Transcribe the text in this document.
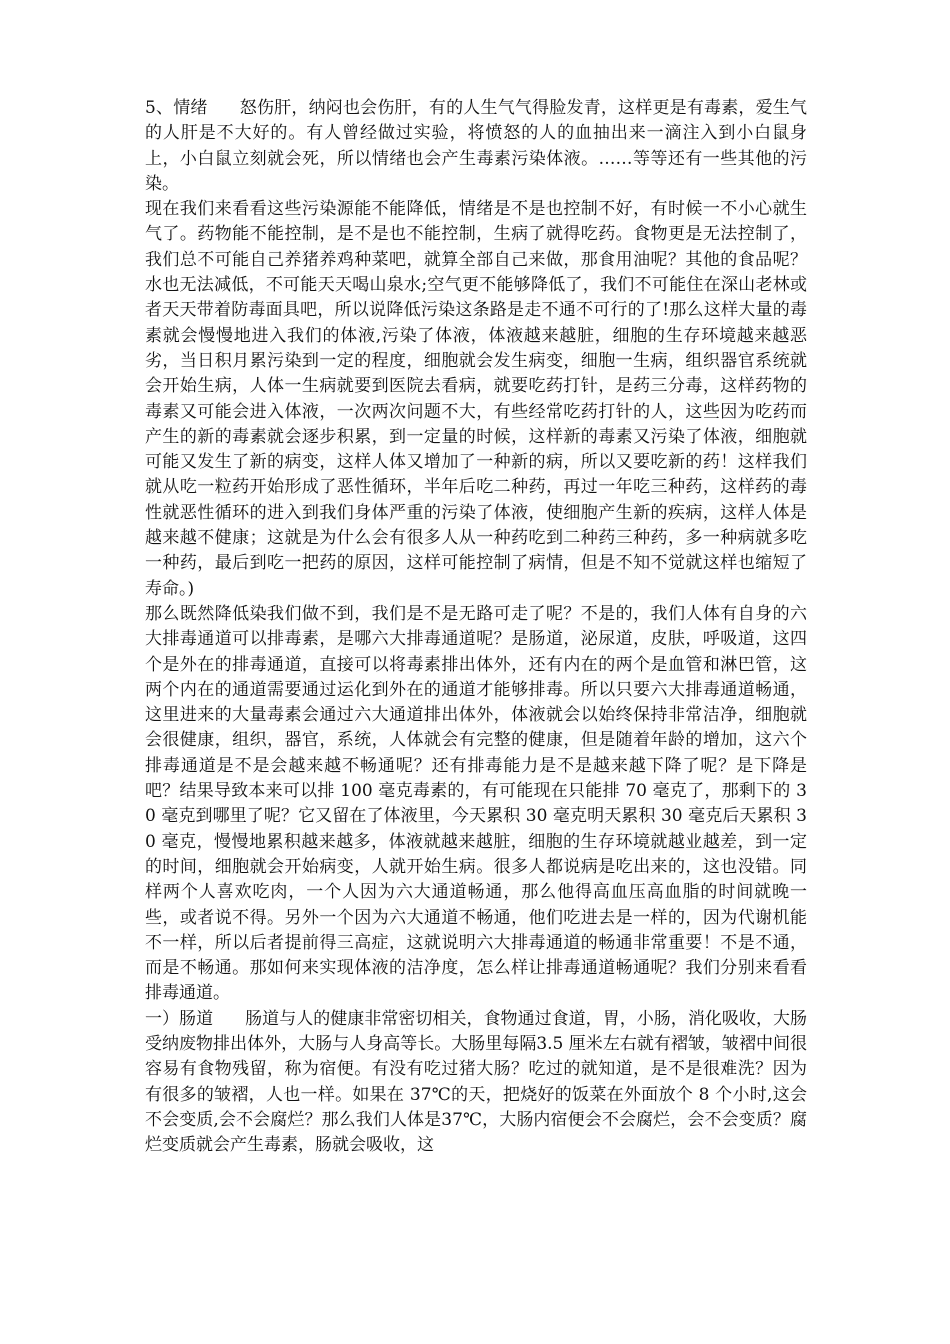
5、情绪 怒伤肝，纳闷也会伤肝，有的人生气气得脸发青，这样更是有毒素，爱生气的人肝是不大好的。有人曾经做过实验，将愤怒的人的血抽出来一滴注入到小白鼠身上，小白鼠立刻就会死，所以情绪也会产生毒素污染体液。……等等还有一些其他的污染。

现在我们来看看这些污染源能不能降低，情绪是不是也控制不好，有时候一不小心就生气了。药物能不能控制，是不是也不能控制，生病了就得吃药。食物更是无法控制了，我们总不可能自己养猪养鸡种菜吧，就算全部自己来做，那食用油呢？其他的食品呢？水也无法减低，不可能天天喝山泉水;空气更不能够降低了，我们不可能住在深山老林或者天天带着防毒面具吧，所以说降低污染这条路是走不通不可行的了!那么这样大量的毒素就会慢慢地进入我们的体液,污染了体液，体液越来越脏，细胞的生存环境越来越恶劣，当日积月累污染到一定的程度，细胞就会发生病变，细胞一生病，组织器官系统就会开始生病，人体一生病就要到医院去看病，就要吃药打针，是药三分毒，这样药物的毒素又可能会进入体液，一次两次问题不大，有些经常吃药打针的人，这些因为吃药而产生的新的毒素就会逐步积累，到一定量的时候，这样新的毒素又污染了体液，细胞就可能又发生了新的病变，这样人体又增加了一种新的病，所以又要吃新的药！这样我们就从吃一粒药开始形成了恶性循环，半年后吃二种药，再过一年吃三种药，这样药的毒性就恶性循环的进入到我们身体严重的污染了体液，使细胞产生新的疾病，这样人体是越来越不健康；这就是为什么会有很多人从一种药吃到二种药三种药，多一种病就多吃一种药，最后到吃一把药的原因，这样可能控制了病情，但是不知不觉就这样也缩短了寿命。)

那么既然降低染我们做不到，我们是不是无路可走了呢？不是的，我们人体有自身的六大排毒通道可以排毒素，是哪六大排毒通道呢？是肠道，泌尿道，皮肤，呼吸道，这四个是外在的排毒通道，直接可以将毒素排出体外，还有内在的两个是血管和淋巴管，这两个内在的通道需要通过运化到外在的通道才能够排毒。所以只要六大排毒通道畅通，这里进来的大量毒素会通过六大通道排出体外，体液就会以始终保持非常洁净，细胞就会很健康，组织，器官，系统，人体就会有完整的健康，但是随着年龄的增加，这六个排毒通道是不是会越来越不畅通呢？还有排毒能力是不是越来越下降了呢？是下降是吧？结果导致本来可以排 100 毫克毒素的，有可能现在只能排 70 毫克了，那剩下的 30 毫克到哪里了呢？它又留在了体液里，今天累积 30 毫克明天累积 30 毫克后天累积 30 毫克，慢慢地累积越来越多，体液就越来越脏，细胞的生存环境就越业越差，到一定的时间，细胞就会开始病变，人就开始生病。很多人都说病是吃出来的，这也没错。同样两个人喜欢吃肉，一个人因为六大通道畅通，那么他得高血压高血脂的时间就晚一些，或者说不得。另外一个因为六大通道不畅通，他们吃进去是一样的，因为代谢机能不一样，所以后者提前得三高症，这就说明六大排毒通道的畅通非常重要！不是不通，而是不畅通。那如何来实现体液的洁净度，怎么样让排毒通道畅通呢？我们分别来看看排毒通道。

一）肠道 肠道与人的健康非常密切相关，食物通过食道，胃，小肠，消化吸收，大肠受纳废物排出体外，大肠与人身高等长。大肠里每隔3.5 厘米左右就有褶皱，皱褶中间很容易有食物残留，称为宿便。有没有吃过猪大肠？吃过的就知道，是不是很难洗？因为有很多的皱褶，人也一样。如果在 37℃的天，把烧好的饭菜在外面放个 8 个小时,这会不会变质,会不会腐烂？那么我们人体是37℃，大肠内宿便会不会腐烂，会不会变质？腐烂变质就会产生毒素，肠就会吸收，这
